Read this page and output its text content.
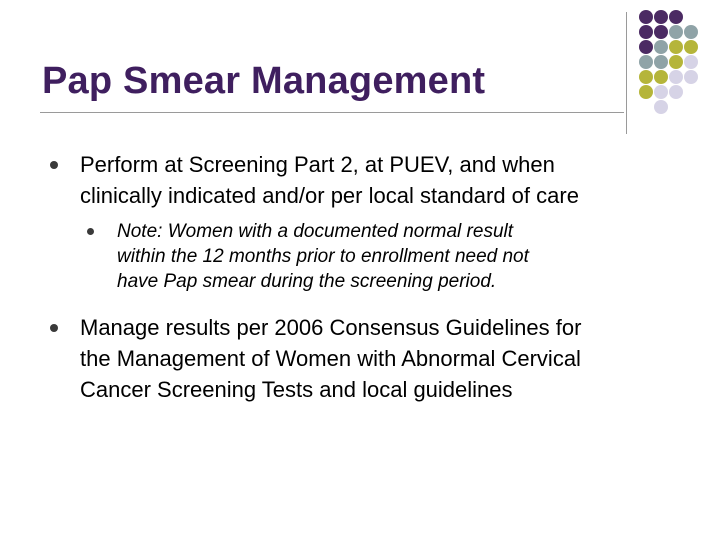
Pap Smear Management
Perform at Screening Part 2, at PUEV, and when
clinically indicated and/or per local standard of care
Note: Women with a documented normal result
within the 12 months prior to enrollment need not
have Pap smear during the screening period.
Manage results per 2006 Consensus Guidelines for
the Management of Women with Abnormal Cervical
Cancer Screening Tests and local guidelines
